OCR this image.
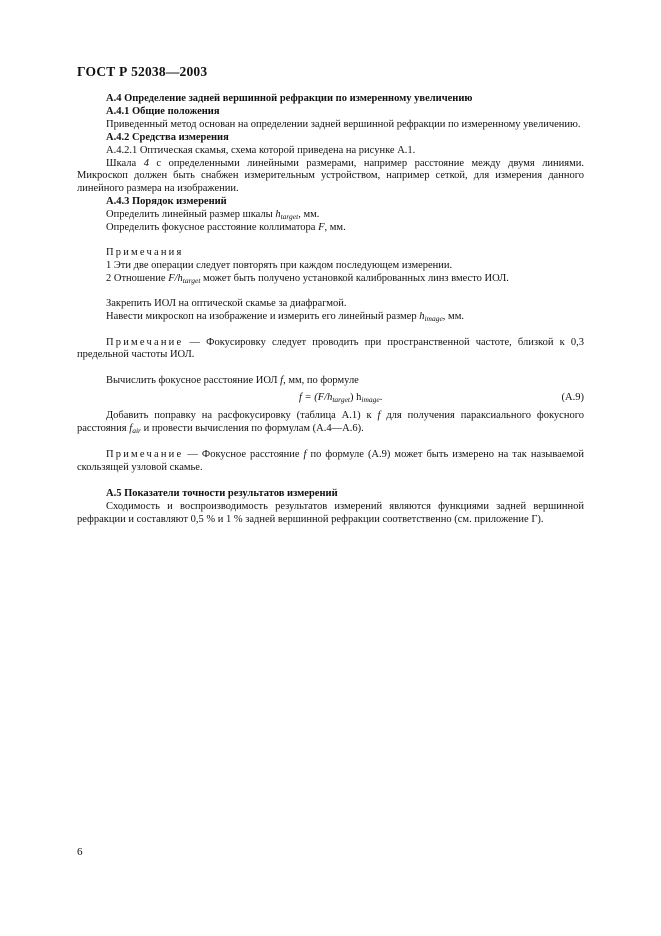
ГОСТ Р 52038—2003

А.4 Определение задней вершинной рефракции по измеренному увеличению

А.4.1 Общие положения

Приведенный метод основан на определении задней вершинной рефракции по измеренному увеличению.

А.4.2 Средства измерения

А.4.2.1 Оптическая скамья, схема которой приведена на рисунке А.1.

Шкала 4 с определенными линейными размерами, например расстояние между двумя линиями. Микроскоп должен быть снабжен измерительным устройством, например сеткой, для измерения данного линейного размера на изображении.

А.4.3 Порядок измерений

Определить линейный размер шкалы $h_{target}$, мм.

Определить фокусное расстояние коллиматора F, мм.

Примечания

1 Эти две операции следует повторять при каждом последующем измерении.

2 Отношение $F/h_{target}$ может быть получено установкой калиброванных линз вместо ИОЛ.

Закрепить ИОЛ на оптической скамье за диафрагмой.

Навести микроскоп на изображение и измерить его линейный размер $h_{image}$, мм.

Примечание — Фокусировку следует проводить при пространственной частоте, близкой к 0,3 предельной частоты ИОЛ.

Вычислить фокусное расстояние ИОЛ f, мм, по формуле

$f = (F/h_{target})$ $h_{image}$.	(А.9)

Добавить поправку на расфокусировку (таблица А.1) к f для получения параксиального фокусного расстояния $f_{air}$ и провести вычисления по формулам (А.4—А.6).

Примечание — Фокусное расстояние f по формуле (А.9) может быть измерено на так называемой скользящей узловой скамье.

А.5 Показатели точности результатов измерений

Сходимость и воспроизводимость результатов измерений являются функциями задней вершинной рефракции и составляют 0,5 % и 1 % задней вершинной рефракции соответственно (см. приложение Г).

6
